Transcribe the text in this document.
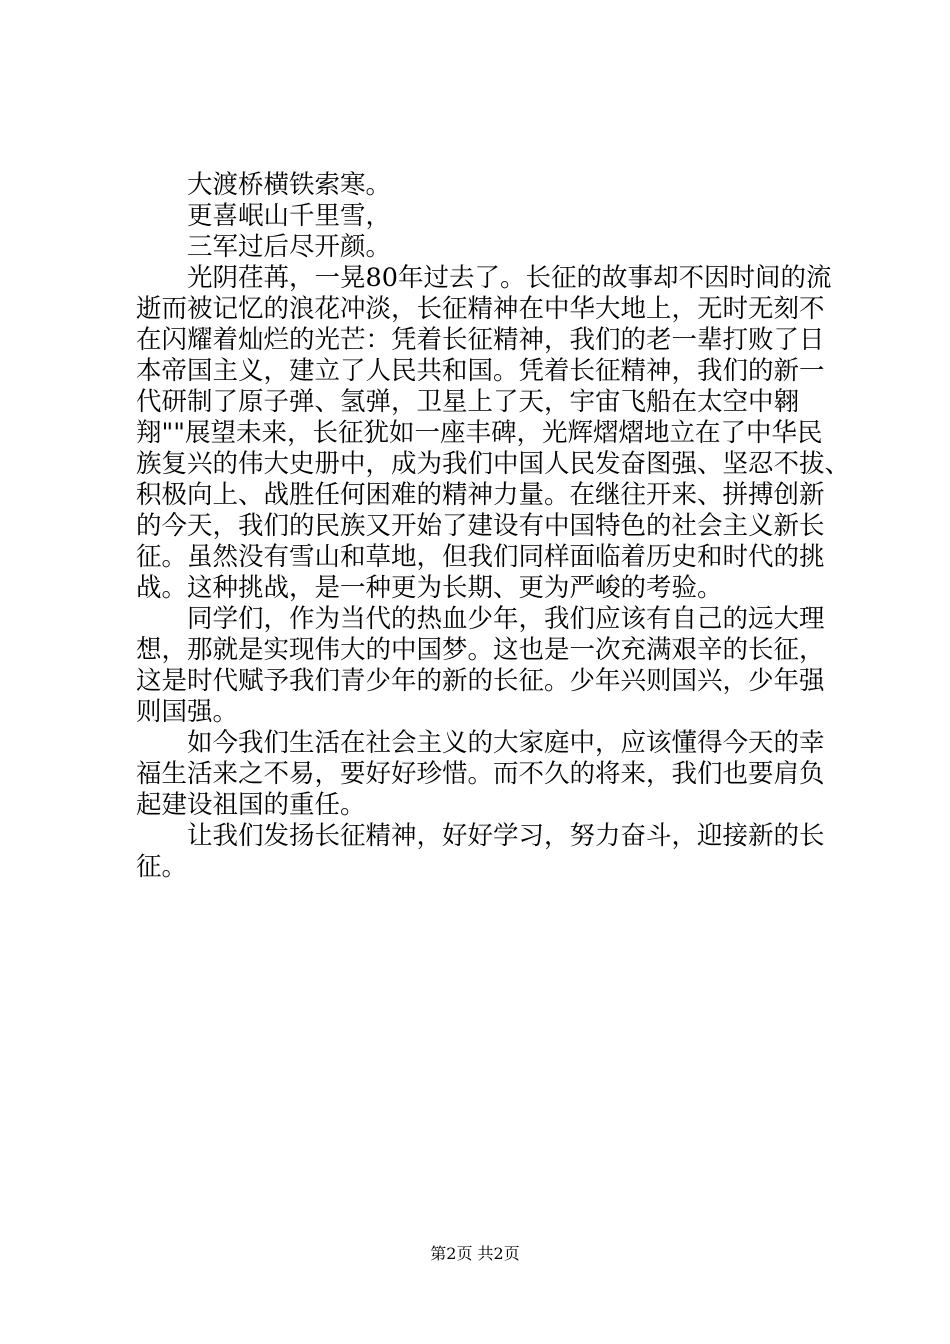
　　大渡桥横铁索寒。

　　更喜岷山千里雪，

　　三军过后尽开颜。

　　光阴荏苒，一晃80年过去了。长征的故事却不因时间的流

逝而被记忆的浪花冲淡，长征精神在中华大地上，无时无刻不

在闪耀着灿烂的光芒：凭着长征精神，我们的老一辈打败了日

本帝国主义，建立了人民共和国。凭着长征精神，我们的新一

代研制了原子弹、氢弹，卫星上了天，宇宙飞船在太空中翱

翔""展望未来，长征犹如一座丰碑，光辉熠熠地立在了中华民

族复兴的伟大史册中，成为我们中国人民发奋图强、坚忍不拔、

积极向上、战胜任何困难的精神力量。在继往开来、拼搏创新

的今天，我们的民族又开始了建设有中国特色的社会主义新长

征。虽然没有雪山和草地，但我们同样面临着历史和时代的挑

战。这种挑战，是一种更为长期、更为严峻的考验。

　　同学们，作为当代的热血少年，我们应该有自己的远大理

想，那就是实现伟大的中国梦。这也是一次充满艰辛的长征，

这是时代赋予我们青少年的新的长征。少年兴则国兴，少年强

则国强。

　　如今我们生活在社会主义的大家庭中，应该懂得今天的幸

福生活来之不易，要好好珍惜。而不久的将来，我们也要肩负

起建设祖国的重任。

　　让我们发扬长征精神，好好学习，努力奋斗，迎接新的长

征。

第2页 共2页
